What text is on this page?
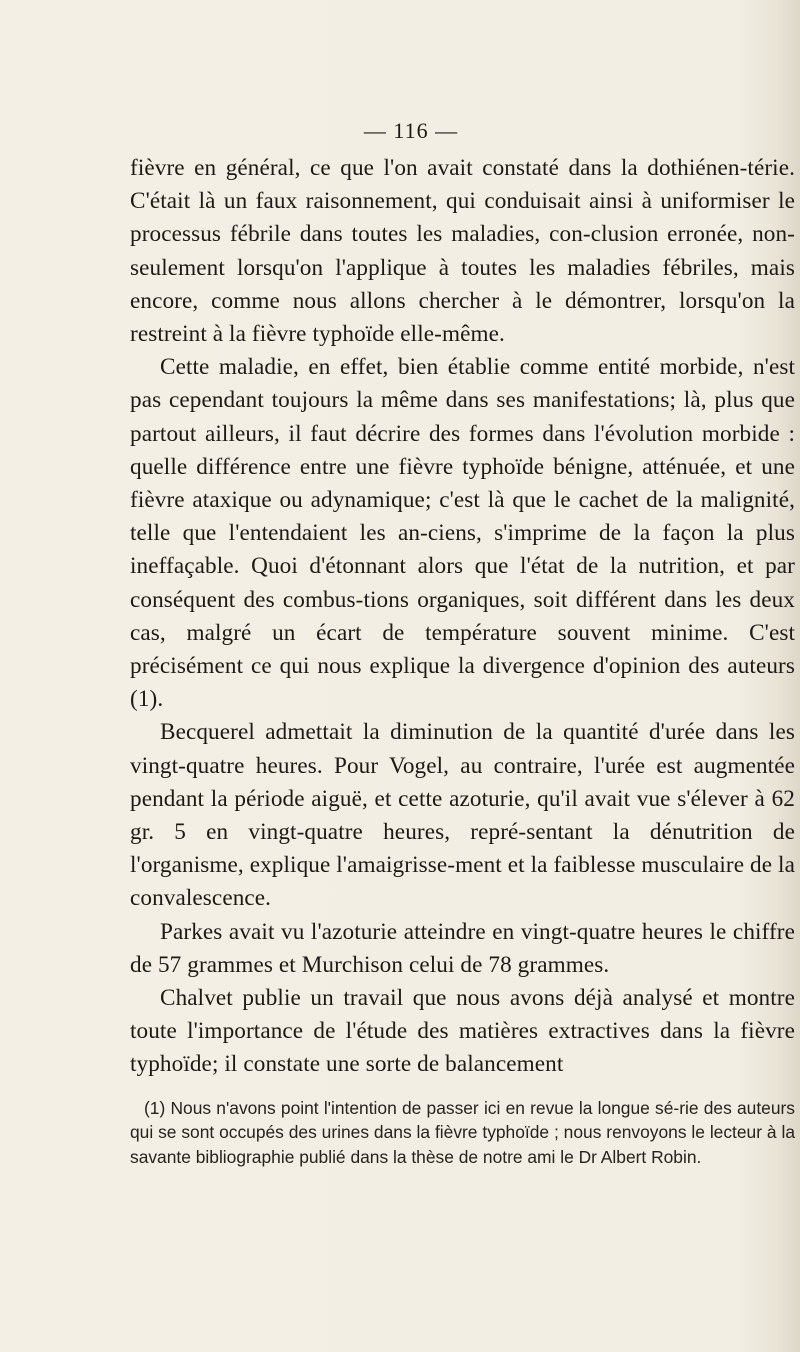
— 116 —

fièvre en général, ce que l'on avait constaté dans la dothiénen-térie. C'était là un faux raisonnement, qui conduisait ainsi à uniformiser le processus fébrile dans toutes les maladies, con-clusion erronée, non-seulement lorsqu'on l'applique à toutes les maladies fébriles, mais encore, comme nous allons chercher à le démontrer, lorsqu'on la restreint à la fièvre typhoïde elle-même.

Cette maladie, en effet, bien établie comme entité morbide, n'est pas cependant toujours la même dans ses manifestations; là, plus que partout ailleurs, il faut décrire des formes dans l'évolution morbide : quelle différence entre une fièvre typhoïde bénigne, atténuée, et une fièvre ataxique ou adynamique; c'est là que le cachet de la malignité, telle que l'entendaient les an-ciens, s'imprime de la façon la plus ineffaçable. Quoi d'étonnant alors que l'état de la nutrition, et par conséquent des combus-tions organiques, soit différent dans les deux cas, malgré un écart de température souvent minime. C'est précisément ce qui nous explique la divergence d'opinion des auteurs (1).

Becquerel admettait la diminution de la quantité d'urée dans les vingt-quatre heures. Pour Vogel, au contraire, l'urée est augmentée pendant la période aiguë, et cette azoturie, qu'il avait vue s'élever à 62 gr. 5 en vingt-quatre heures, repré-sentant la dénutrition de l'organisme, explique l'amaigrisse-ment et la faiblesse musculaire de la convalescence.

Parkes avait vu l'azoturie atteindre en vingt-quatre heures le chiffre de 57 grammes et Murchison celui de 78 grammes.

Chalvet publie un travail que nous avons déjà analysé et montre toute l'importance de l'étude des matières extractives dans la fièvre typhoïde; il constate une sorte de balancement

(1) Nous n'avons point l'intention de passer ici en revue la longue sé-rie des auteurs qui se sont occupés des urines dans la fièvre typhoïde ; nous renvoyons le lecteur à la savante bibliographie publié dans la thèse de notre ami le Dr Albert Robin.
